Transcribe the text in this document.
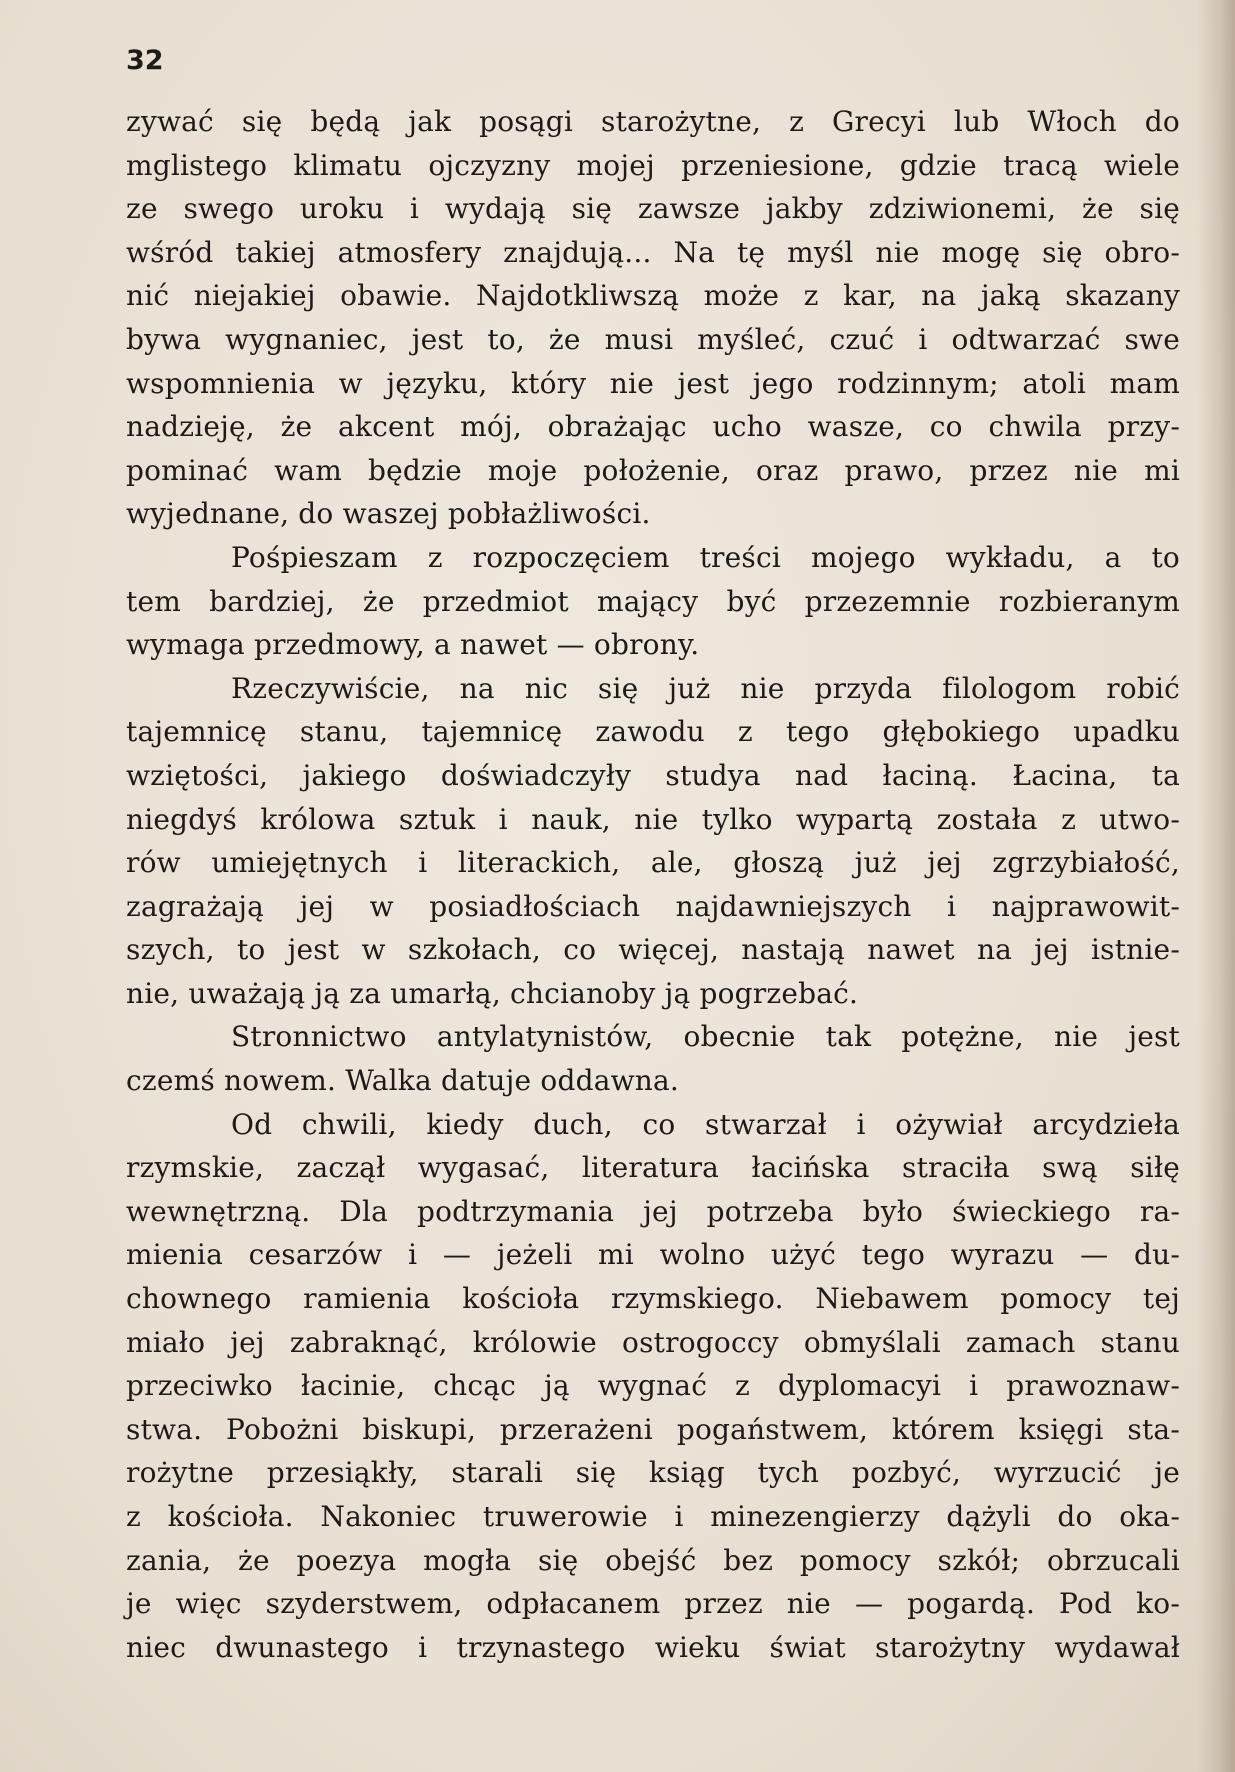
32
zywać się będą jak posągi starożytne, z Grecyi lub Włoch do
mglistego klimatu ojczyzny mojej przeniesione, gdzie tracą wiele
ze swego uroku i wydają się zawsze jakby zdziwionemi, że się
wśród takiej atmosfery znajdują... Na tę myśl nie mogę się obro-
nić niejakiej obawie. Najdotkliwszą może z kar, na jaką skazany
bywa wygnaniec, jest to, że musi myśleć, czuć i odtwarzać swe
wspomnienia w języku, który nie jest jego rodzinnym; atoli mam
nadzieję, że akcent mój, obrażając ucho wasze, co chwila przy-
pominać wam będzie moje położenie, oraz prawo, przez nie mi
wyjednane, do waszej pobłażliwości.
Pośpieszam z rozpoczęciem treści mojego wykładu, a to
tem bardziej, że przedmiot mający być przezemnie rozbieranym
wymaga przedmowy, a nawet — obrony.
Rzeczywiście, na nic się już nie przyda filologom robić
tajemnicę stanu, tajemnicę zawodu z tego głębokiego upadku
wziętości, jakiego doświadczyły studya nad łaciną. Łacina, ta
niegdyś królowa sztuk i nauk, nie tylko wypartą została z utwo-
rów umiejętnych i literackich, ale, głoszą już jej zgrzybiałość,
zagrażają jej w posiadłościach najdawniejszych i najprawowit-
szych, to jest w szkołach, co więcej, nastają nawet na jej istnie-
nie, uważają ją za umarłą, chcianoby ją pogrzebać.
Stronnictwo antylatynistów, obecnie tak potężne, nie jest
czemś nowem. Walka datuje oddawna.
Od chwili, kiedy duch, co stwarzał i ożywiał arcydzieła
rzymskie, zaczął wygasać, literatura łacińska straciła swą siłę
wewnętrzną. Dla podtrzymania jej potrzeba było świeckiego ra-
mienia cesarzów i — jeżeli mi wolno użyć tego wyrazu — du-
chownego ramienia kościoła rzymskiego. Niebawem pomocy tej
miało jej zabraknąć, królowie ostrogoccy obmyślali zamach stanu
przeciwko łacinie, chcąc ją wygnać z dyplomacyi i prawoznaw-
stwa. Pobożni biskupi, przerażeni pogaństwem, którem księgi sta-
rożytne przesiąkły, starali się ksiąg tych pozbyć, wyrzucić je
z kościoła. Nakoniec truwerowie i minezengierzy dążyli do oka-
zania, że poezya mogła się obejść bez pomocy szkół; obrzucali
je więc szyderstwem, odpłacanem przez nie — pogardą. Pod ko-
niec dwunastego i trzynastego wieku świat starożytny wydawał
